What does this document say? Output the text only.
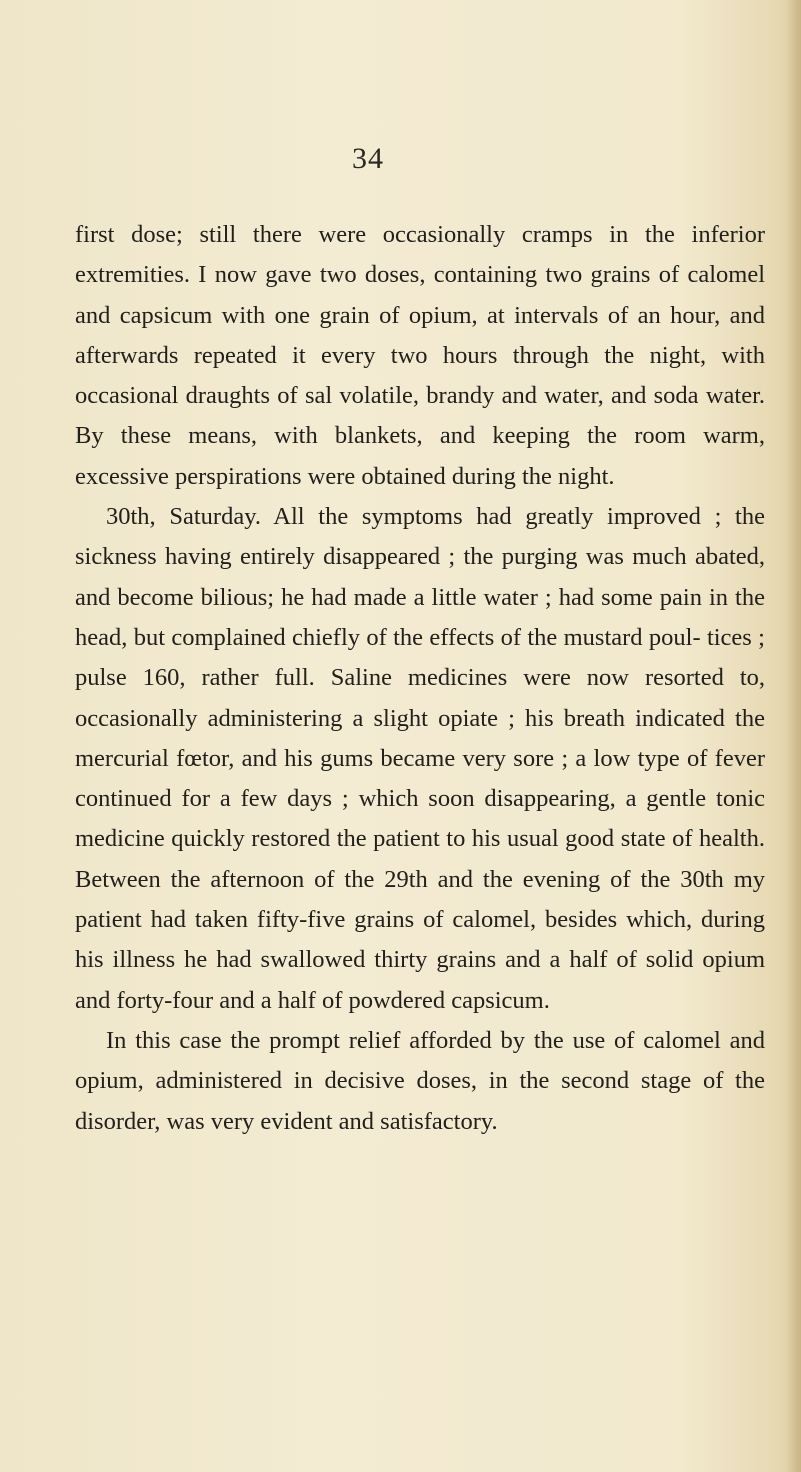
34

first dose; still there were occasionally cramps in the inferior extremities. I now gave two doses, containing two grains of calomel and capsicum with one grain of opium, at intervals of an hour, and afterwards repeated it every two hours through the night, with occasional draughts of sal volatile, brandy and water, and soda water. By these means, with blankets, and keeping the room warm, excessive perspirations were obtained during the night.

30th, Saturday. All the symptoms had greatly improved ; the sickness having entirely disappeared ; the purging was much abated, and become bilious; he had made a little water ; had some pain in the head, but complained chiefly of the effects of the mustard poul- tices ; pulse 160, rather full. Saline medicines were now resorted to, occasionally administering a slight opiate ; his breath indicated the mercurial fœtor, and his gums became very sore ; a low type of fever continued for a few days ; which soon disappearing, a gentle tonic medicine quickly restored the patient to his usual good state of health. Between the afternoon of the 29th and the evening of the 30th my patient had taken fifty-five grains of calomel, besides which, during his illness he had swallowed thirty grains and a half of solid opium and forty-four and a half of powdered capsicum.

In this case the prompt relief afforded by the use of calomel and opium, administered in decisive doses, in the second stage of the disorder, was very evident and satisfactory.
